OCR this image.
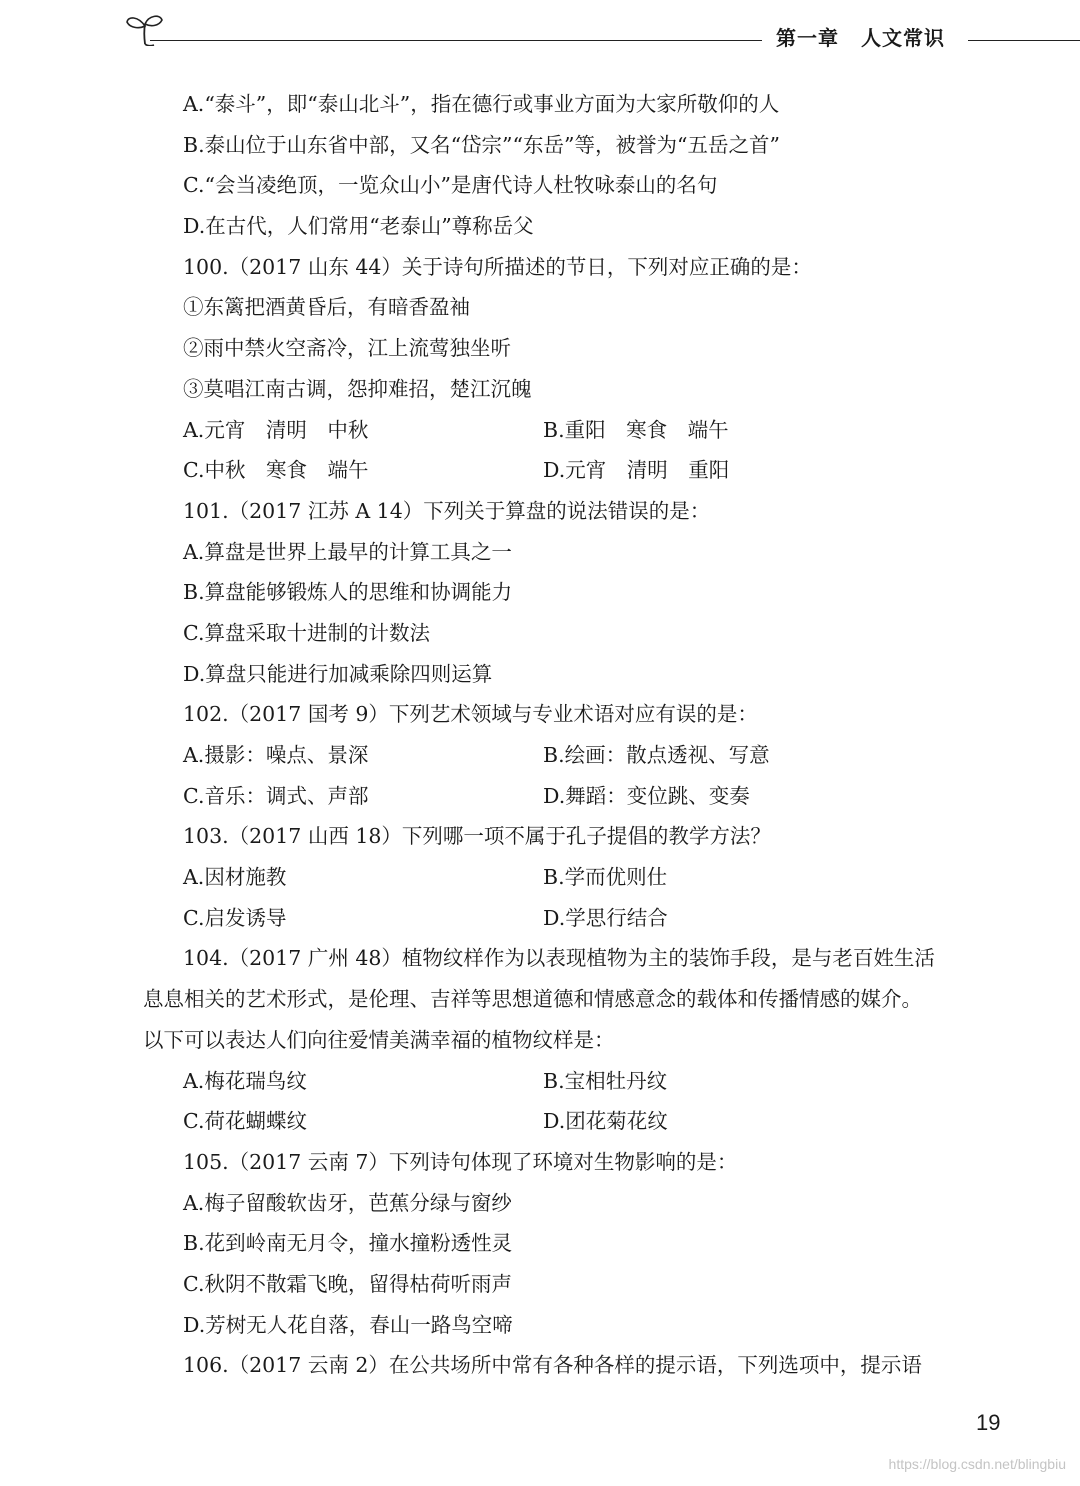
第一章 人文常识
A.“泰斗”，即“泰山北斗”，指在德行或事业方面为大家所敬仰的人
B.泰山位于山东省中部，又名“岱宗”“东岳”等，被誉为“五岳之首”
C.“会当凌绝顶，一览众山小”是唐代诗人杜牧咏泰山的名句
D.在古代，人们常用“老泰山”尊称岳父
100.（2017 山东 44）关于诗句所描述的节日，下列对应正确的是：
①东篱把酒黄昏后，有暗香盈袖
②雨中禁火空斋冷，江上流莺独坐听
③莫唱江南古调，怨抑难招，楚江沉魄
A.元宵　清明　中秋	B.重阳　寒食　端午
C.中秋　寒食　端午	D.元宵　清明　重阳
101.（2017 江苏 A 14）下列关于算盘的说法错误的是：
A.算盘是世界上最早的计算工具之一
B.算盘能够锻炼人的思维和协调能力
C.算盘采取十进制的计数法
D.算盘只能进行加减乘除四则运算
102.（2017 国考 9）下列艺术领域与专业术语对应有误的是：
A.摄影：噪点、景深	B.绘画：散点透视、写意
C.音乐：调式、声部	D.舞蹈：变位跳、变奏
103.（2017 山西 18）下列哪一项不属于孔子提倡的教学方法？
A.因材施教	B.学而优则仕
C.启发诱导	D.学思行结合
104.（2017 广州 48）植物纹样作为以表现植物为主的装饰手段，是与老百姓生活
息息相关的艺术形式，是伦理、吉祥等思想道德和情感意念的载体和传播情感的媒介。
以下可以表达人们向往爱情美满幸福的植物纹样是：
A.梅花瑞鸟纹	B.宝相牡丹纹
C.荷花蝴蝶纹	D.团花菊花纹
105.（2017 云南 7）下列诗句体现了环境对生物影响的是：
A.梅子留酸软齿牙，芭蕉分绿与窗纱
B.花到岭南无月令，撞水撞粉透性灵
C.秋阴不散霜飞晚，留得枯荷听雨声
D.芳树无人花自落，春山一路鸟空啼
106.（2017 云南 2）在公共场所中常有各种各样的提示语，下列选项中，提示语
19
https://blog.csdn.net/blingbiu
